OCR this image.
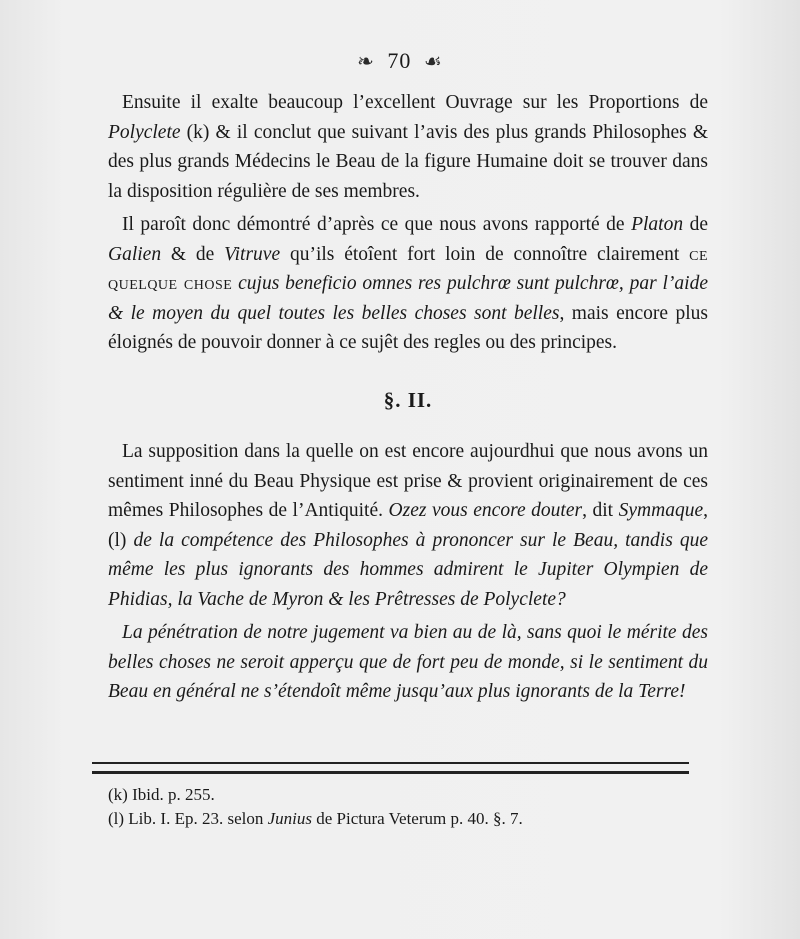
❧ 70 ☙

Ensuite il exalte beaucoup l’excellent Ouvrage sur les Proportions de Polyclete (k) & il conclut que suivant l’avis des plus grands Philosophes & des plus grands Médecins le Beau de la figure Humaine doit se trouver dans la disposition régulière de ses membres.

Il paroît donc démontré d’après ce que nous avons rapporté de Platon de Galien & de Vitruve qu’ils étoîent fort loin de connoître clairement ce quelque chose cujus beneficio omnes res pulchrœ sunt pulchrœ, par l’aide & le moyen du quel toutes les belles choses sont belles, mais encore plus éloignés de pouvoir donner à ce sujêt des regles ou des principes.

§. II.

La supposition dans la quelle on est encore aujourdhui que nous avons un sentiment inné du Beau Physique est prise & provient originairement de ces mêmes Philosophes de l’Antiquité. Ozez vous encore douter, dit Symmaque, (l) de la compétence des Philosophes à prononcer sur le Beau, tandis que même les plus ignorants des hommes admirent le Jupiter Olympien de Phidias, la Vache de Myron & les Prêtresses de Polyclete?

La pénétration de notre jugement va bien au de là, sans quoi le mérite des belles choses ne seroit apperçu que de fort peu de monde, si le sentiment du Beau en général ne s’étendoît même jusqu’aux plus ignorants de la Terre!

(k) Ibid. p. 255.
(l) Lib. I. Ep. 23. selon Junius de Pictura Veterum p. 40. §. 7.
